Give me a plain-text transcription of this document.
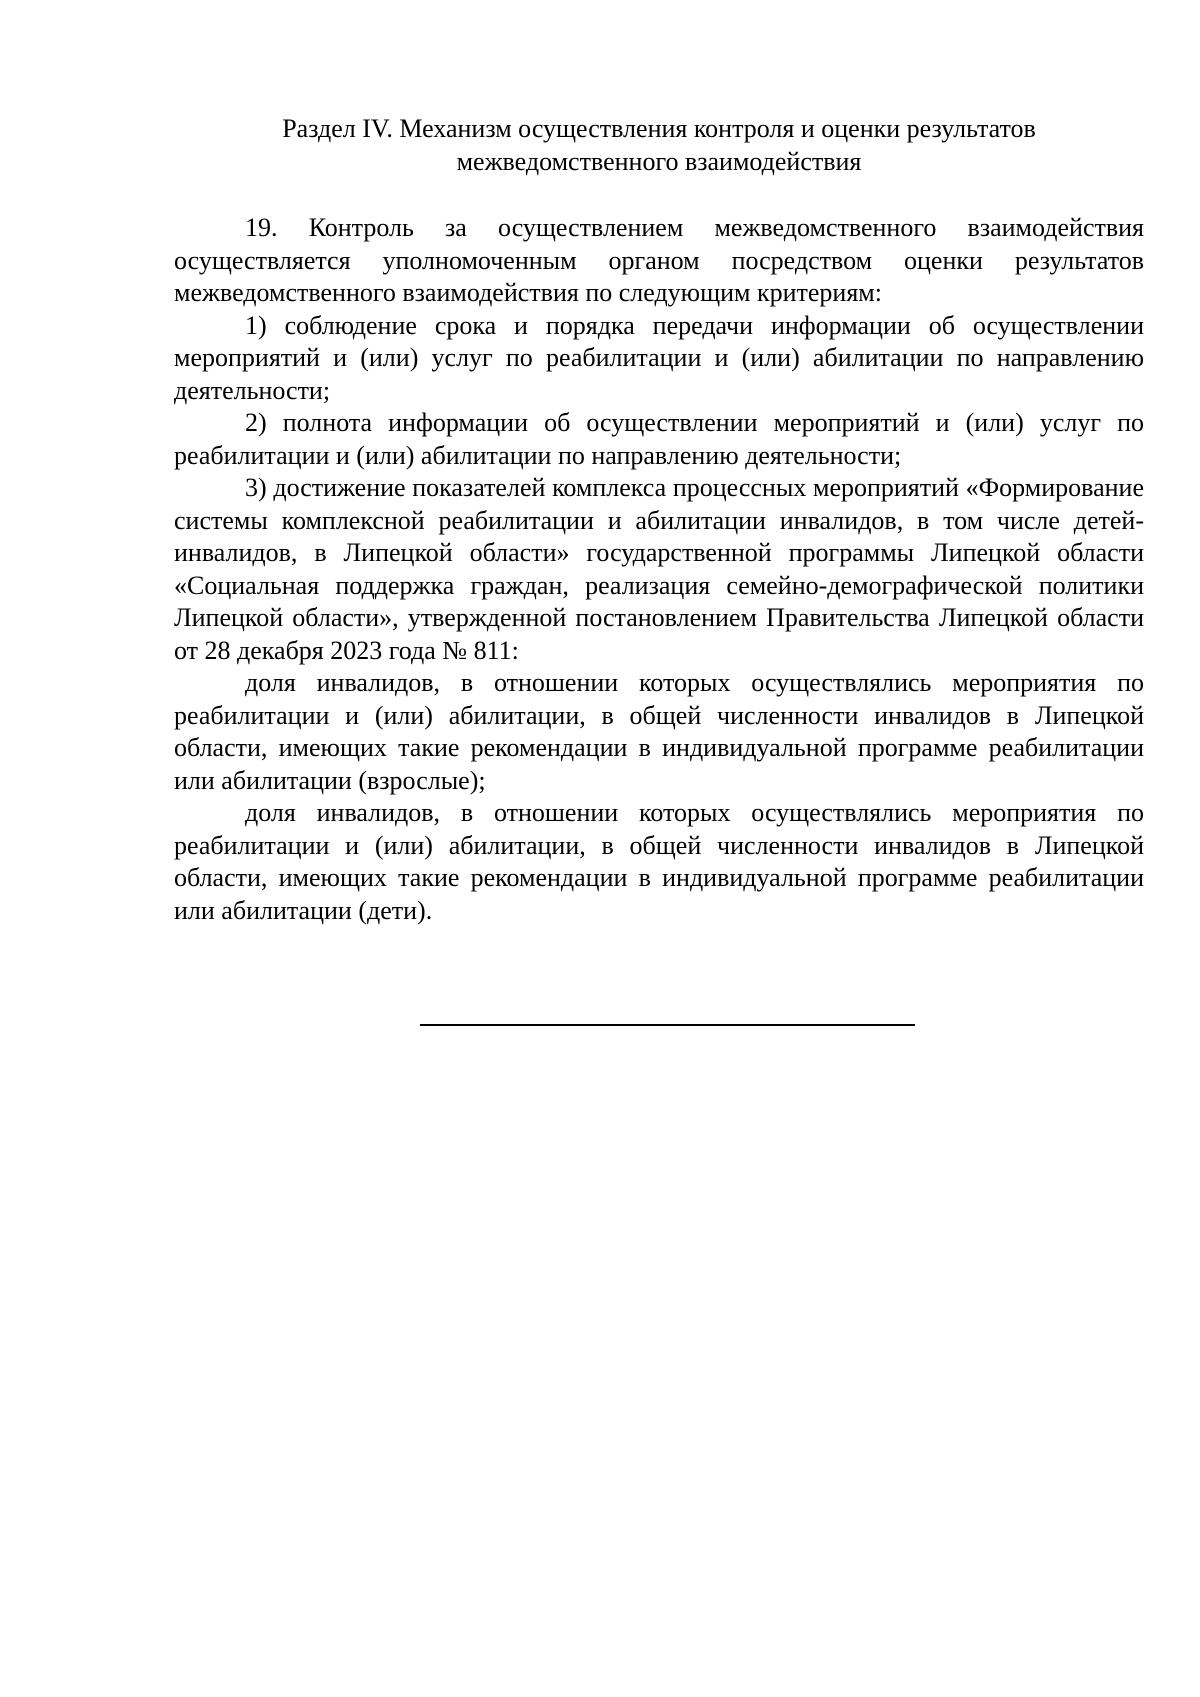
Раздел IV. Механизм осуществления контроля и оценки результатов
межведомственного взаимодействия

19. Контроль за осуществлением межведомственного взаимодействия осуществляется уполномоченным органом посредством оценки результатов межведомственного взаимодействия по следующим критериям:

1) соблюдение срока и порядка передачи информации об осуществлении мероприятий и (или) услуг по реабилитации и (или) абилитации по направлению деятельности;

2) полнота информации об осуществлении мероприятий и (или) услуг по реабилитации и (или) абилитации по направлению деятельности;

3) достижение показателей комплекса процессных мероприятий «Формирование системы комплексной реабилитации и абилитации инвалидов, в том числе детей-инвалидов, в Липецкой области» государственной программы Липецкой области «Социальная поддержка граждан, реализация семейно-демографической политики Липецкой области», утвержденной постановлением Правительства Липецкой области от 28 декабря 2023 года № 811:

доля инвалидов, в отношении которых осуществлялись мероприятия по реабилитации и (или) абилитации, в общей численности инвалидов в Липецкой области, имеющих такие рекомендации в индивидуальной программе реабилитации или абилитации (взрослые);

доля инвалидов, в отношении которых осуществлялись мероприятия по реабилитации и (или) абилитации, в общей численности инвалидов в Липецкой области, имеющих такие рекомендации в индивидуальной программе реабилитации или абилитации (дети).
